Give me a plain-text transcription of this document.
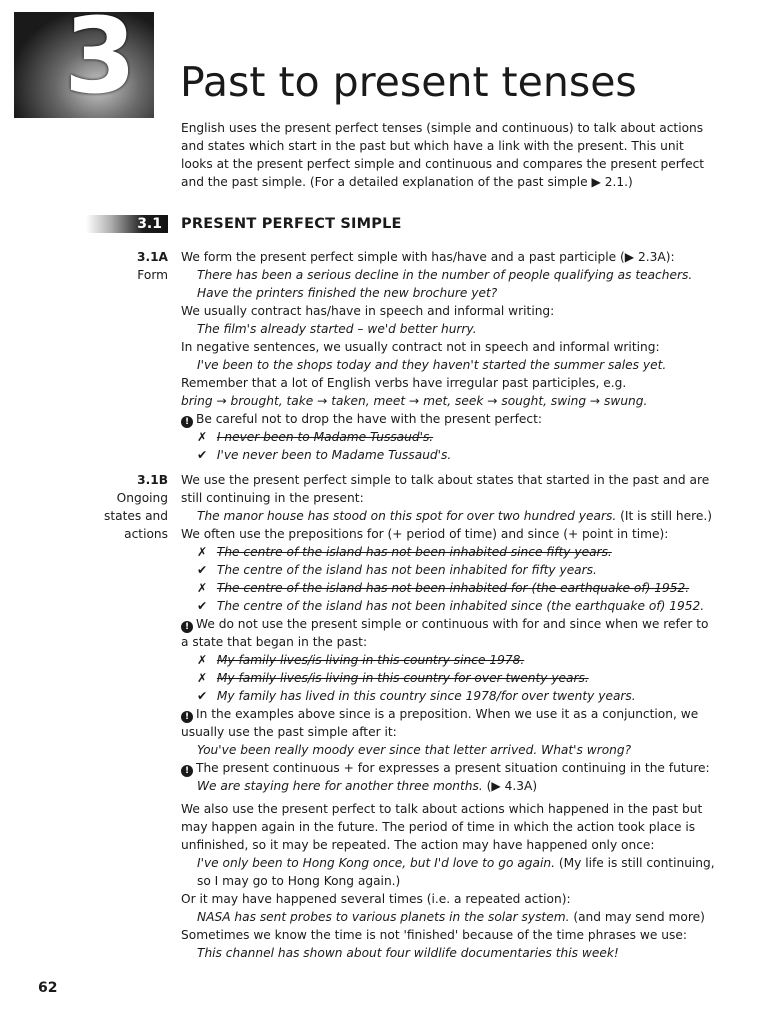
3 Past to present tenses
English uses the present perfect tenses (simple and continuous) to talk about actions
and states which start in the past but which have a link with the present. This unit
looks at the present perfect simple and continuous and compares the present perfect
and the past simple. (For a detailed explanation of the past simple ▶ 2.1.)
3.1 PRESENT PERFECT SIMPLE
3.1A
Form

We form the present perfect simple with has/have and a past participle (▶ 2.3A):

There has been a serious decline in the number of people qualifying as teachers.

Have the printers finished the new brochure yet?

We usually contract has/have in speech and informal writing:

The film's already started – we'd better hurry.

In negative sentences, we usually contract not in speech and informal writing:

I've been to the shops today and they haven't started the summer sales yet.

Remember that a lot of English verbs have irregular past participles, e.g.

bring → brought, take → taken, meet → met, seek → sought, swing → swung.

! Be careful not to drop the have with the present perfect:

✗ I never been to Madame Tussaud's.

✔ I've never been to Madame Tussaud's.

3.1B
Ongoing
states and
actions

We use the present perfect simple to talk about states that started in the past and are

still continuing in the present:

The manor house has stood on this spot for over two hundred years. (It is still here.)

We often use the prepositions for (+ period of time) and since (+ point in time):

✗ The centre of the island has not been inhabited since fifty years.

✔ The centre of the island has not been inhabited for fifty years.

✗ The centre of the island has not been inhabited for (the earthquake of) 1952.

✔ The centre of the island has not been inhabited since (the earthquake of) 1952.

! We do not use the present simple or continuous with for and since when we refer to

a state that began in the past:

✗ My family lives/is living in this country since 1978.

✗ My family lives/is living in this country for over twenty years.

✔ My family has lived in this country since 1978/for over twenty years.

! In the examples above since is a preposition. When we use it as a conjunction, we

usually use the past simple after it:

You've been really moody ever since that letter arrived. What's wrong?

! The present continuous + for expresses a present situation continuing in the future:

We are staying here for another three months. (▶ 4.3A)

We also use the present perfect to talk about actions which happened in the past but

may happen again in the future. The period of time in which the action took place is

unfinished, so it may be repeated. The action may have happened only once:

I've only been to Hong Kong once, but I'd love to go again. (My life is still continuing,

so I may go to Hong Kong again.)

Or it may have happened several times (i.e. a repeated action):

NASA has sent probes to various planets in the solar system. (and may send more)

Sometimes we know the time is not 'finished' because of the time phrases we use:

This channel has shown about four wildlife documentaries this week!

62
